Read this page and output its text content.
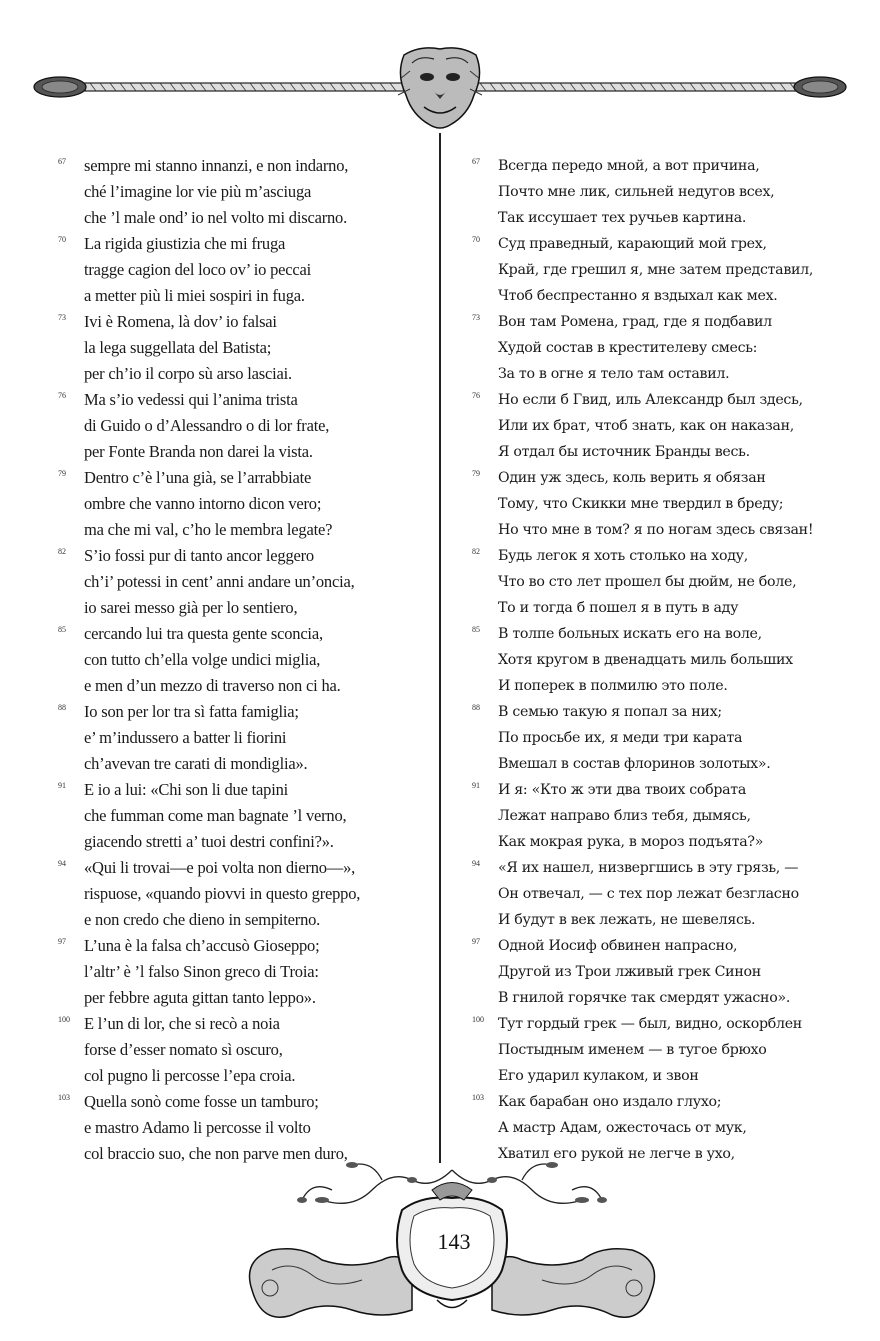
67	sempre mi stanno innanzi, e non indarno,
ché l’imagine lor vie più m’asciuga
che ’l male ond’ io nel volto mi discarno.
70	La rigida giustizia che mi fruga
tragge cagion del loco ov’ io peccai
a metter più li miei sospiri in fuga.
73	Ivi è Romena, là dov’ io falsai
la lega suggellata del Batista;
per ch’io il corpo sù arso lasciai.
76	Ma s’io vedessi qui l’anima trista
di Guido o d’Alessandro o di lor frate,
per Fonte Branda non darei la vista.
79	Dentro c’è l’una già, se l’arrabbiate
ombre che vanno intorno dicon vero;
ma che mi val, c’ho le membra legate?
82	S’io fossi pur di tanto ancor leggero
ch’i’ potessi in cent’ anni andare un’oncia,
io sarei messo già per lo sentiero,
85	cercando lui tra questa gente sconcia,
con tutto ch’ella volge undici miglia,
e men d’un mezzo di traverso non ci ha.
88	Io son per lor tra sì fatta famiglia;
e’ m’indussero a batter li fiorini
ch’avevan tre carati di mondiglia».
91	E io a lui: «Chi son li due tapini
che fumman come man bagnate ’l verno,
giacendo stretti a’ tuoi destri confini?».
94	«Qui li trovai—e poi volta non dierno—»,
rispuose, «quando piovvi in questo greppo,
e non credo che dieno in sempiterno.
97	L’una è la falsa ch’accusò Gioseppo;
l’altr’ è ’l falso Sinon greco di Troia:
per febbre aguta gittan tanto leppo».
100 E l’un di lor, che si recò a noia
forse d’esser nomato sì oscuro,
col pugno li percosse l’epa croia.
103 Quella sonò come fosse un tamburo;
e mastro Adamo li percosse il volto
col braccio suo, che non parve men duro,
67	Всегда передо мной, а вот причина,
Почто мне лик, сильней недугов всех,
Так иссушает тех ручьев картина.
70	Суд праведный, карающий мой грех,
Край, где грешил я, мне затем представил,
Чтоб беспрестанно я вздыхал как мех.
73	Вон там Ромена, град, где я подбавил
Худой состав в крестителеву смесь:
За то в огне я тело там оставил.
76	Но если б Гвид, иль Александр был здесь,
Или их брат, чтоб знать, как он наказан,
Я отдал бы источник Бранды весь.
79	Один уж здесь, коль верить я обязан
Тому, что Скикки мне твердил в бреду;
Но что мне в том? я по ногам здесь связан!
82	Будь легок я хоть столько на ходу,
Что во сто лет прошел бы дюйм, не боле,
То и тогда б пошел я в путь в аду
85	В толпе больных искать его на воле,
Хотя кругом в двенадцать миль больших
И поперек в полмилю это поле.
88	В семью такую я попал за них;
По просьбе их, я меди три карата
Вмешал в состав флоринов золотых».
91	И я: «Кто ж эти два твоих собрата
Лежат направо близ тебя, дымясь,
Как мокрая рука, в мороз подъята?»
94	«Я их нашел, низвергшись в эту грязь, —
Он отвечал, — с тех пор лежат безгласно
И будут в век лежать, не шевелясь.
97	Одной Иосиф обвинен напрасно,
Другой из Трои лживый грек Синон
В гнилой горячке так смердят ужасно».
100 Тут гордый грек — был, видно, оскорблен
Постыдным именем — в тугое брюхо
Его ударил кулаком, и звон
103 Как барабан оно издало глухо;
А мастр Адам, ожесточась от мук,
Хватил его рукой не легче в ухо,
143
